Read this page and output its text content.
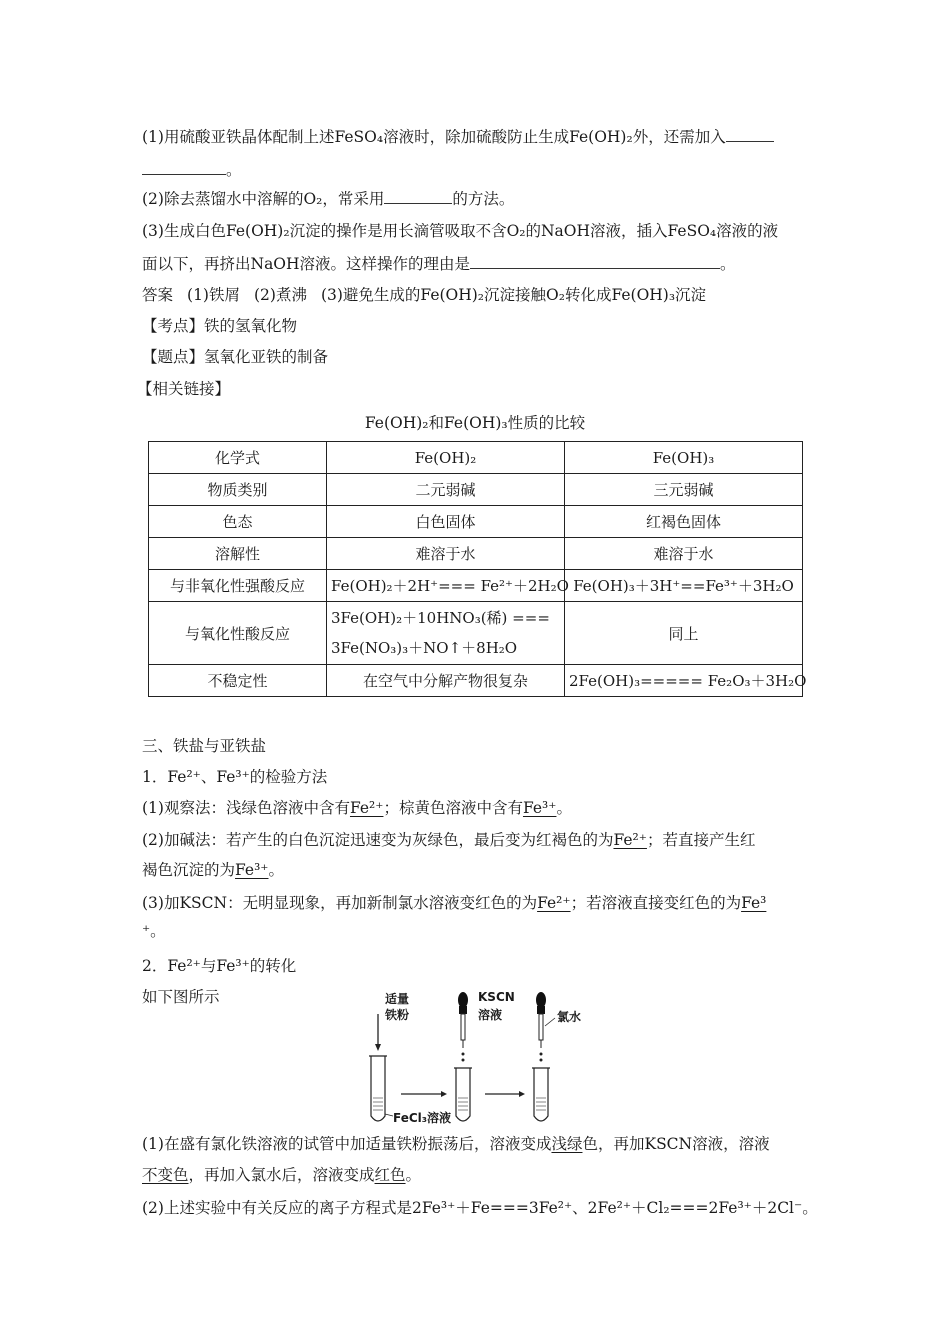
(1)用硫酸亚铁晶体配制上述FeSO₄溶液时，除加硫酸防止生成Fe(OH)₂外，还需加入
。
(2)除去蒸馏水中溶解的O₂，常采用	的方法。
(3)生成白色Fe(OH)₂沉淀的操作是用长滴管吸取不含O₂的NaOH溶液，插入FeSO₄溶液的液
面以下，再挤出NaOH溶液。这样操作的理由是	。
答案 (1)铁屑 (2)煮沸 (3)避免生成的Fe(OH)₂沉淀接触O₂转化成Fe(OH)₃沉淀
【考点】铁的氢氧化物
【题点】氢氧化亚铁的制备
【相关链接】
Fe(OH)₂和Fe(OH)₃性质的比较
化学式	Fe(OH)₂	Fe(OH)₃
物质类别	二元弱碱	三元弱碱
色态	白色固体	红褐色固体
溶解性	难溶于水	难溶于水
与非氧化性强酸反应	Fe(OH)₂＋2H⁺=== Fe²⁺＋2H₂O	Fe(OH)₃＋3H⁺==Fe³⁺＋3H₂O
与氧化性酸反应	3Fe(OH)₂＋10HNO₃(稀) ===
3Fe(NO₃)₃＋NO↑＋8H₂O	同上
不稳定性	在空气中分解产物很复杂	2Fe(OH)₃===== Fe₂O₃＋3H₂O
三、铁盐与亚铁盐
1．Fe²⁺、Fe³⁺的检验方法
(1)观察法：浅绿色溶液中含有Fe²⁺；棕黄色溶液中含有Fe³⁺。
(2)加碱法：若产生的白色沉淀迅速变为灰绿色，最后变为红褐色的为Fe²⁺；若直接产生红
褐色沉淀的为Fe³⁺。
(3)加KSCN：无明显现象，再加新制氯水溶液变红色的为Fe²⁺；若溶液直接变红色的为Fe³
⁺。
2．Fe²⁺与Fe³⁺的转化
如下图所示	适量
铁粉
KSCN
溶液	氯水
FeCl₃溶液
(1)在盛有氯化铁溶液的试管中加适量铁粉振荡后，溶液变成浅绿色，再加KSCN溶液，溶液
不变色，再加入氯水后，溶液变成红色。
(2)上述实验中有关反应的离子方程式是2Fe³⁺＋Fe===3Fe²⁺、2Fe²⁺＋Cl₂===2Fe³⁺＋2Cl⁻。
